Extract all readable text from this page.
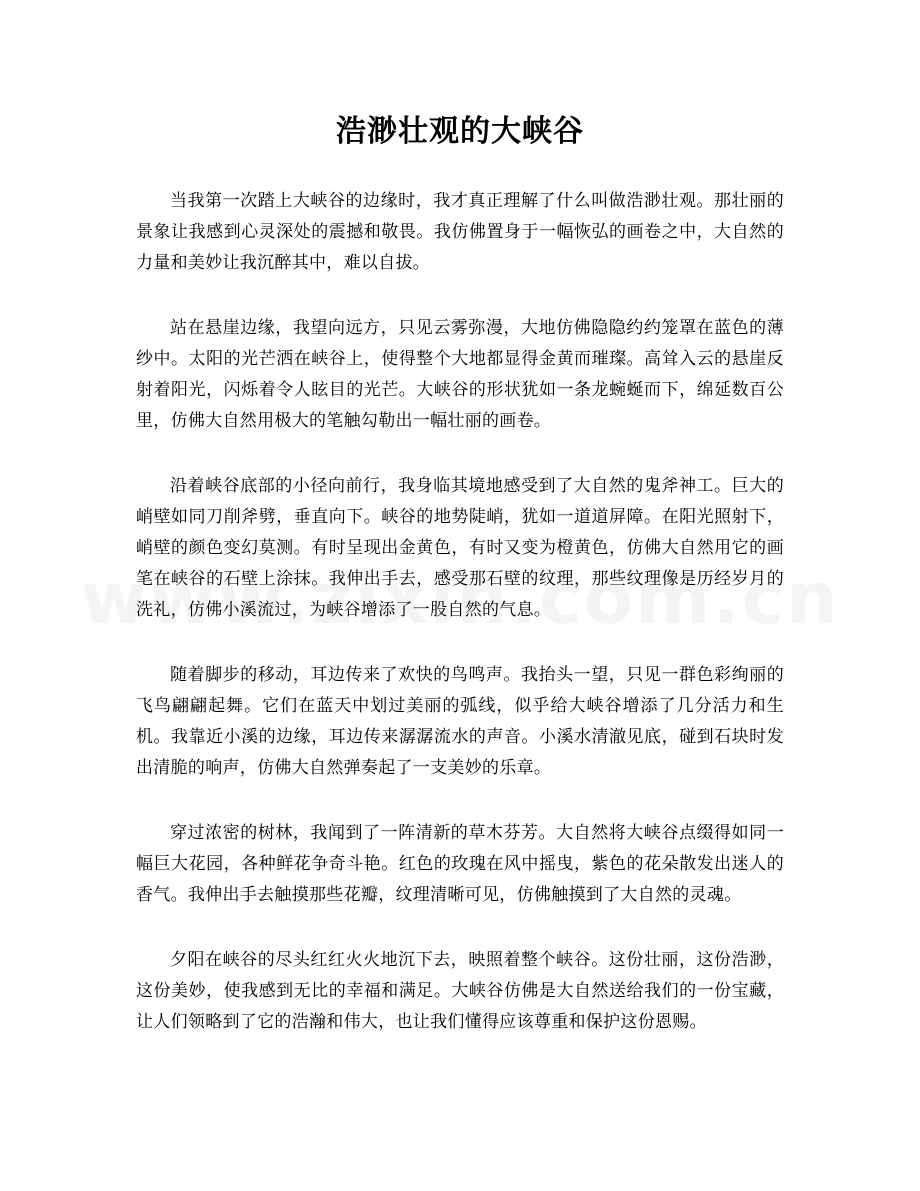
浩渺壮观的大峡谷

当我第一次踏上大峡谷的边缘时，我才真正理解了什么叫做浩渺壮观。那壮丽的景象让我感到心灵深处的震撼和敬畏。我仿佛置身于一幅恢弘的画卷之中，大自然的力量和美妙让我沉醉其中，难以自拔。

站在悬崖边缘，我望向远方，只见云雾弥漫，大地仿佛隐隐约约笼罩在蓝色的薄纱中。太阳的光芒洒在峡谷上，使得整个大地都显得金黄而璀璨。高耸入云的悬崖反射着阳光，闪烁着令人眩目的光芒。大峡谷的形状犹如一条龙蜿蜒而下，绵延数百公里，仿佛大自然用极大的笔触勾勒出一幅壮丽的画卷。

沿着峡谷底部的小径向前行，我身临其境地感受到了大自然的鬼斧神工。巨大的峭壁如同刀削斧劈，垂直向下。峡谷的地势陡峭，犹如一道道屏障。在阳光照射下，峭壁的颜色变幻莫测。有时呈现出金黄色，有时又变为橙黄色，仿佛大自然用它的画笔在峡谷的石壁上涂抹。我伸出手去，感受那石壁的纹理，那些纹理像是历经岁月的洗礼，仿佛小溪流过，为峡谷增添了一股自然的气息。

随着脚步的移动，耳边传来了欢快的鸟鸣声。我抬头一望，只见一群色彩绚丽的飞鸟翩翩起舞。它们在蓝天中划过美丽的弧线，似乎给大峡谷增添了几分活力和生机。我靠近小溪的边缘，耳边传来潺潺流水的声音。小溪水清澈见底，碰到石块时发出清脆的响声，仿佛大自然弹奏起了一支美妙的乐章。

穿过浓密的树林，我闻到了一阵清新的草木芬芳。大自然将大峡谷点缀得如同一幅巨大花园，各种鲜花争奇斗艳。红色的玫瑰在风中摇曳，紫色的花朵散发出迷人的香气。我伸出手去触摸那些花瓣，纹理清晰可见，仿佛触摸到了大自然的灵魂。

夕阳在峡谷的尽头红红火火地沉下去，映照着整个峡谷。这份壮丽，这份浩渺，这份美妙，使我感到无比的幸福和满足。大峡谷仿佛是大自然送给我们的一份宝藏，让人们领略到了它的浩瀚和伟大，也让我们懂得应该尊重和保护这份恩赐。
